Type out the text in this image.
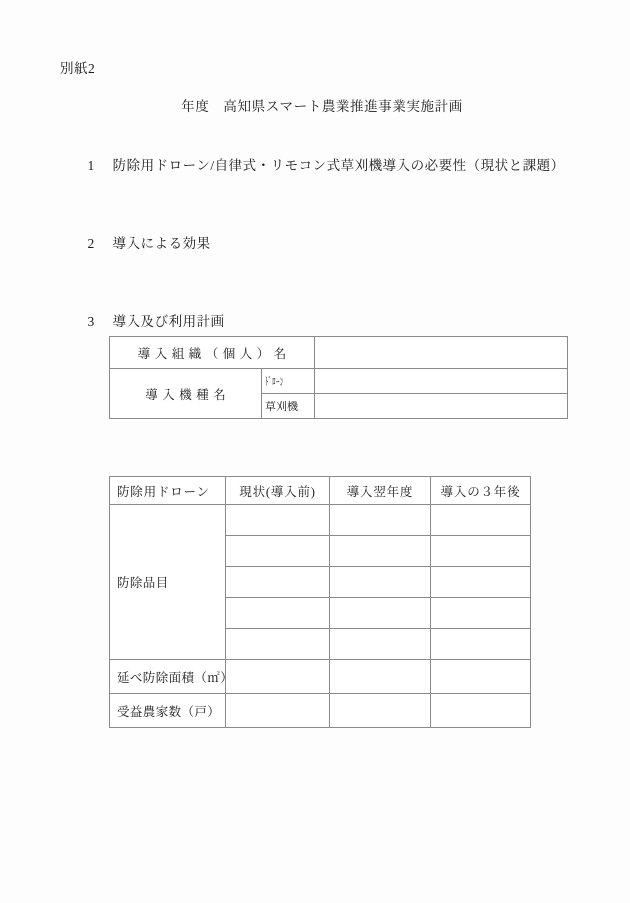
別紙2
年度　高知県スマート農業推進事業実施計画

1　 防除用ドローン/自律式・リモコン式草刈機導入の必要性（現状と課題）

2　 導入による効果

3　 導入及び利用計画

導入組織（個人）名		
導入機種名	ﾄﾞﾛｰﾝ	
	草刈機	
防除用ドローン	現状(導入前)	導入翌年度	導入の３年後
防除品目			

延べ防除面積（㎡）			
受益農家数（戸）			
